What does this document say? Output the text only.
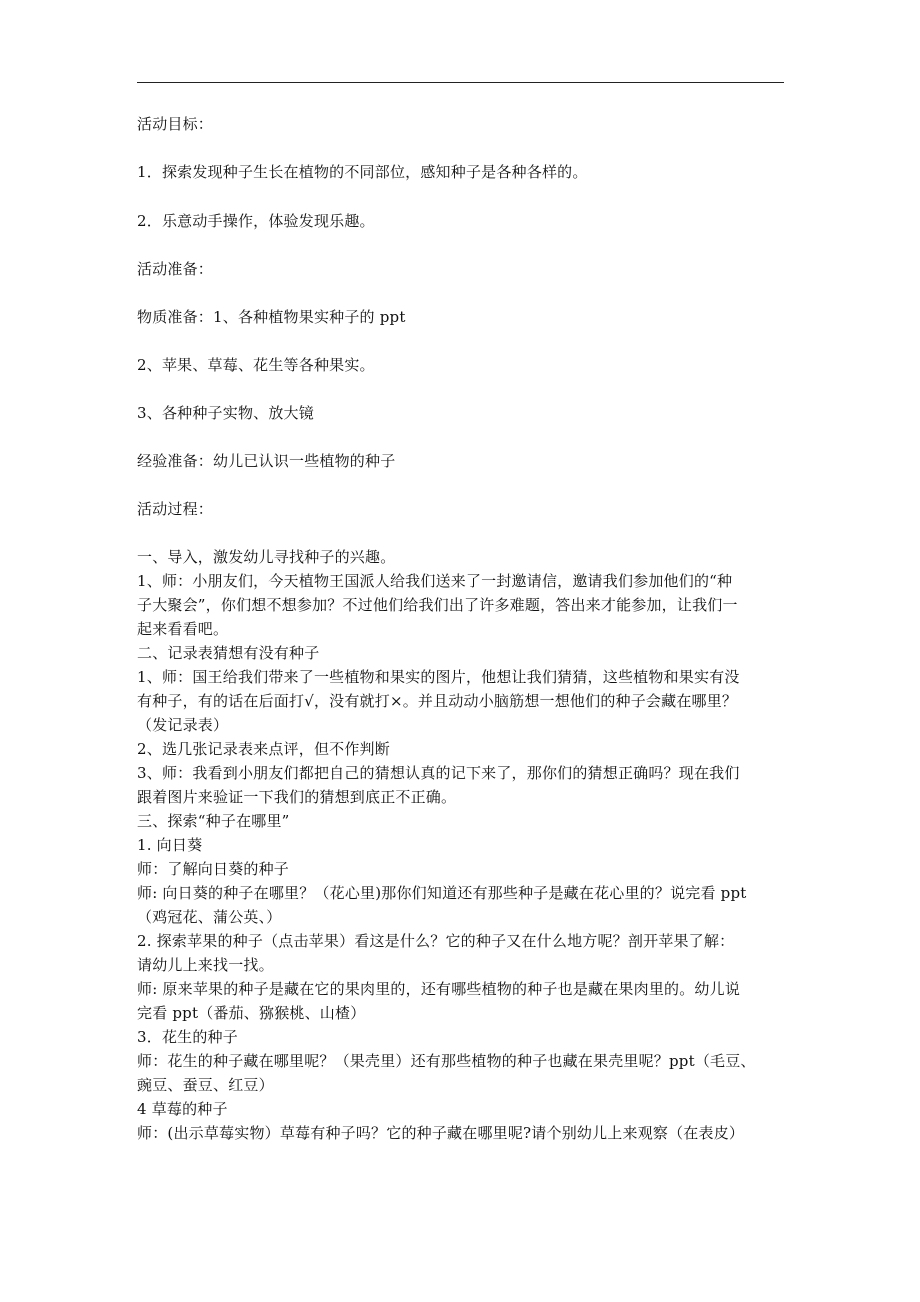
活动目标：
1．探索发现种子生长在植物的不同部位，感知种子是各种各样的。
2．乐意动手操作，体验发现乐趣。
活动准备：
物质准备：1、各种植物果实种子的 ppt
2、苹果、草莓、花生等各种果实。
3、各种种子实物、放大镜
经验准备：幼儿已认识一些植物的种子
活动过程：
一、导入，激发幼儿寻找种子的兴趣。
1、师：小朋友们，今天植物王国派人给我们送来了一封邀请信，邀请我们参加他们的“种
子大聚会”，你们想不想参加？不过他们给我们出了许多难题，答出来才能参加，让我们一
起来看看吧。
二、记录表猜想有没有种子
1、师：国王给我们带来了一些植物和果实的图片，他想让我们猜猜，这些植物和果实有没
有种子，有的话在后面打√，没有就打×。并且动动小脑筋想一想他们的种子会藏在哪里？
（发记录表）
2、选几张记录表来点评，但不作判断
3、师：我看到小朋友们都把自己的猜想认真的记下来了，那你们的猜想正确吗？现在我们
跟着图片来验证一下我们的猜想到底正不正确。
三、探索“种子在哪里”
1. 向日葵
师：了解向日葵的种子
师: 向日葵的种子在哪里？（花心里)那你们知道还有那些种子是藏在花心里的？说完看 ppt
（鸡冠花、蒲公英、）
2. 探索苹果的种子（点击苹果）看这是什么？它的种子又在什么地方呢？剖开苹果了解：
请幼儿上来找一找。
师: 原来苹果的种子是藏在它的果肉里的，还有哪些植物的种子也是藏在果肉里的。幼儿说
完看 ppt（番茄、猕猴桃、山楂）
3．花生的种子
师：花生的种子藏在哪里呢？（果壳里）还有那些植物的种子也藏在果壳里呢？ppt（毛豆、
豌豆、蚕豆、红豆）
4 草莓的种子
师：(出示草莓实物）草莓有种子吗？它的种子藏在哪里呢?请个别幼儿上来观察（在表皮）
